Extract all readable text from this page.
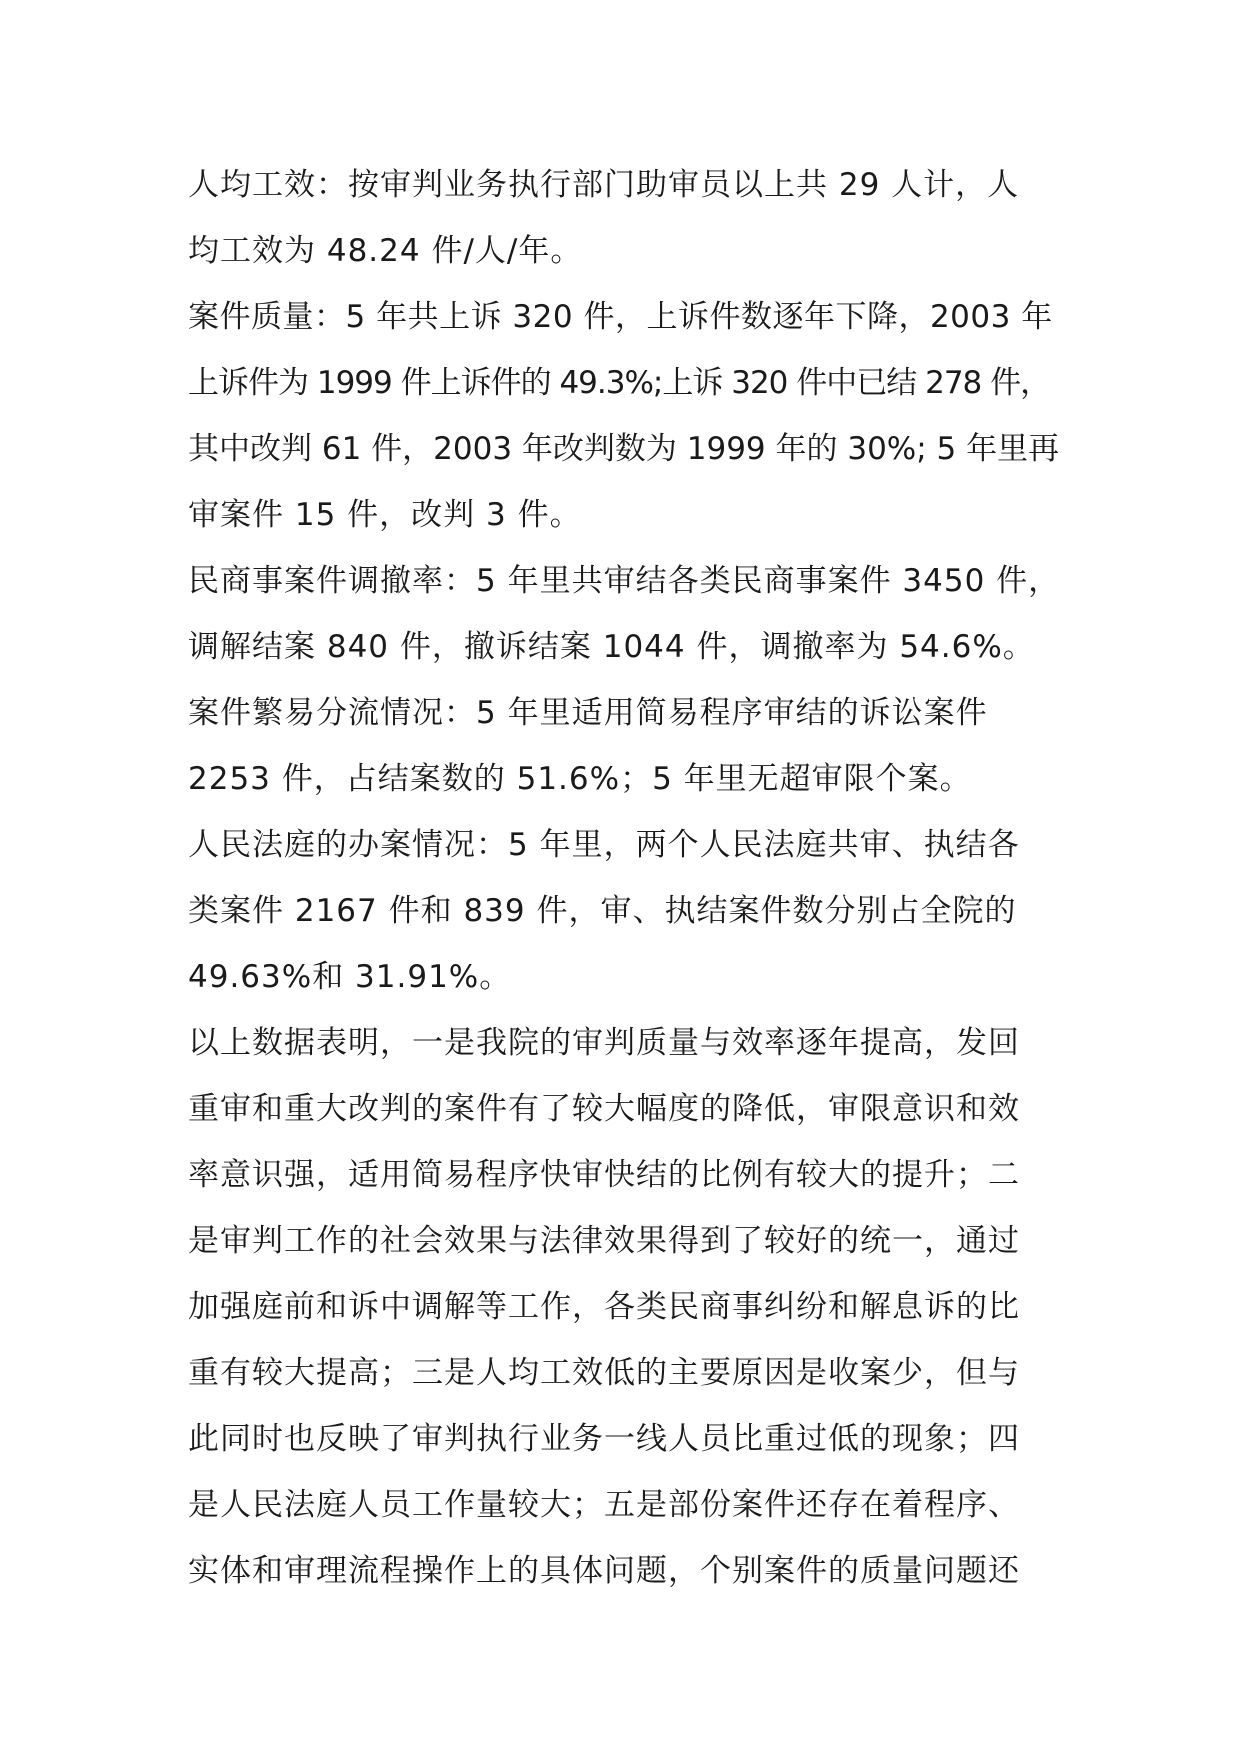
人均工效：按审判业务执行部门助审员以上共 29 人计，人
均工效为 48.24 件/人/年。
案件质量：5 年共上诉 320 件，上诉件数逐年下降，2003 年
上诉件为 1999 件上诉件的 49.3%;上诉 320 件中已结 278 件，
其中改判 61 件，2003 年改判数为 1999 年的 30%; 5 年里再
审案件 15 件，改判 3 件。
民商事案件调撤率：5 年里共审结各类民商事案件 3450 件，
调解结案 840 件，撤诉结案 1044 件，调撤率为 54.6%。
案件繁易分流情况：5 年里适用简易程序审结的诉讼案件
2253 件，占结案数的 51.6%；5 年里无超审限个案。
人民法庭的办案情况：5 年里，两个人民法庭共审、执结各
类案件 2167 件和 839 件，审、执结案件数分别占全院的
49.63%和 31.91%。
以上数据表明，一是我院的审判质量与效率逐年提高，发回
重审和重大改判的案件有了较大幅度的降低，审限意识和效
率意识强，适用简易程序快审快结的比例有较大的提升；二
是审判工作的社会效果与法律效果得到了较好的统一，通过
加强庭前和诉中调解等工作，各类民商事纠纷和解息诉的比
重有较大提高；三是人均工效低的主要原因是收案少，但与
此同时也反映了审判执行业务一线人员比重过低的现象；四
是人民法庭人员工作量较大；五是部份案件还存在着程序、
实体和审理流程操作上的具体问题，个别案件的质量问题还
